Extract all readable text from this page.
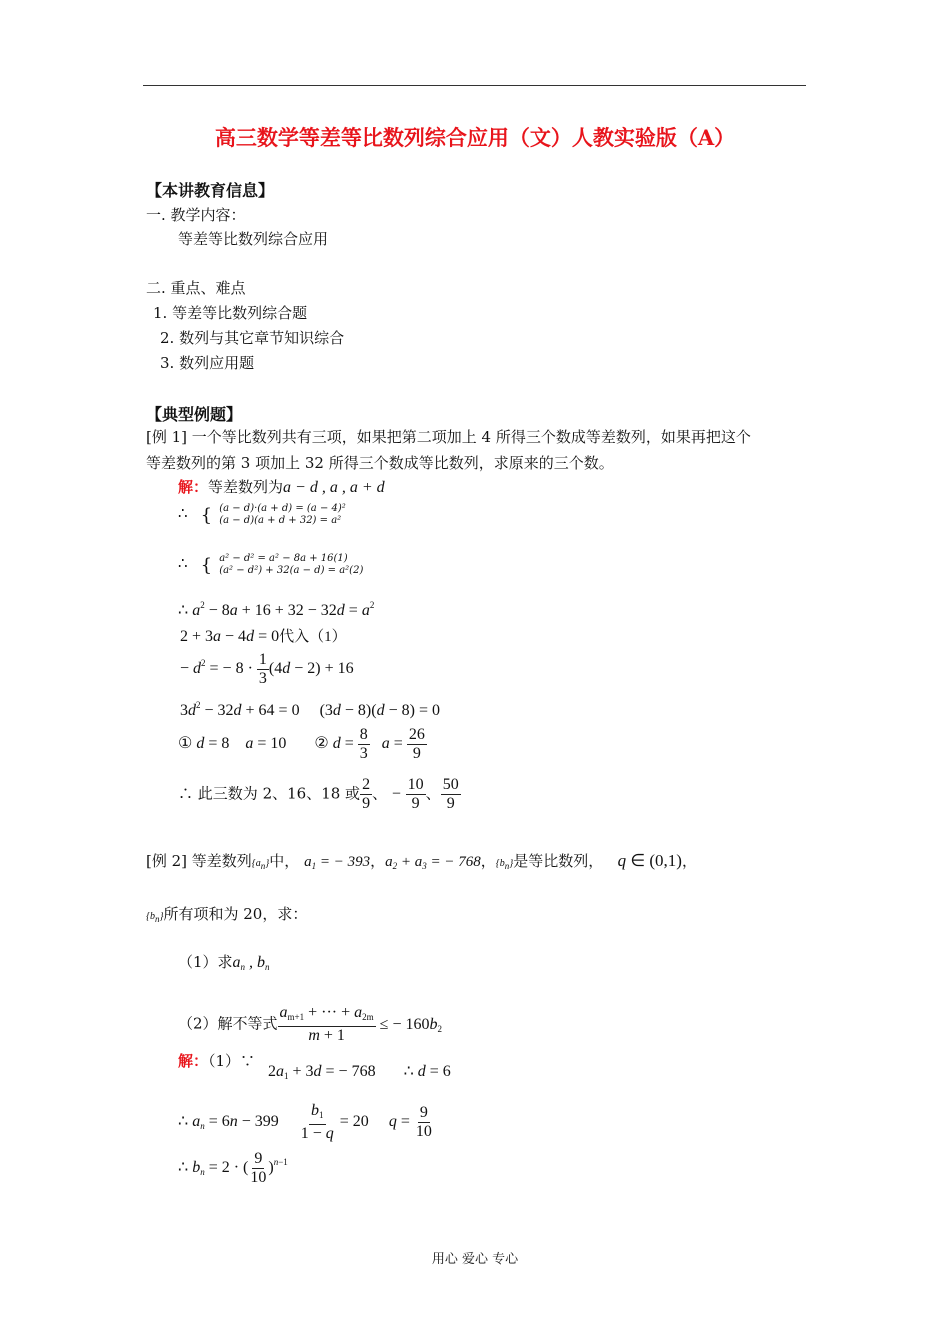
高三数学等差等比数列综合应用（文）人教实验版（A）
【本讲教育信息】
一. 教学内容：
等差等比数列综合应用
二. 重点、难点
1. 等差等比数列综合题
2. 数列与其它章节知识综合
3. 数列应用题
【典型例题】
[例 1] 一个等比数列共有三项，如果把第二项加上 4 所得三个数成等差数列，如果再把这个
等差数列的第 3 项加上 32 所得三个数成等比数列，求原来的三个数。
解：等差数列为a − d , a , a + d
∴ { (a − d)·(a + d) = (a − 4)²
(a − d)(a + d + 32) = a²
∴ { a² − d² = a² − 8a + 16(1)
(a² − d²) + 32(a − d) = a²(2)
∴ $a^2 - 8a + 16 + 32 - 32d = a^2$
2 + 3a − 4d = 0代入（1）
− $d^2$ = − $8 \cdot \frac{1}{3} (4d - 2) + 16$
$3d^2 - 32d + 64 = 0$     (3d − 8)(d − 8) = 0
① d = 8    a = 10       ② $d = \frac{8}{3}$ $a = \frac{26}{9}$
∴ 此三数为 2、16、18 或 $\frac{2}{9}$ 、 − $\frac{10}{9}$ 、 $\frac{50}{9}$
[例 2] 等差数列$\{a_n\}$中， $a_1$ = − 393，$a_2 + a_3$ = − 768，$\{b_n\}$是等比数列， q ∈ (0,1)，
$\{b_n\}$所有项和为 20，求：
（1）求$a_n$ , $b_n$
（2）解不等式 $\frac{a_{m+1} + \cdot\cdot\cdot + a_{2m}}{m + 1}$ ≤ − $160b_2$
解：（1）∵
$2a_1 + 3d$ = − 768       ∴ d = 6
∴ $a_n = 6n - 399 \frac{b_1}{1 - q} = 20$     $q = \frac{9}{10}$
∴ $b_n = 2$ · ( $\frac{9}{10} )^{n-1}$
用心 爱心 专心
